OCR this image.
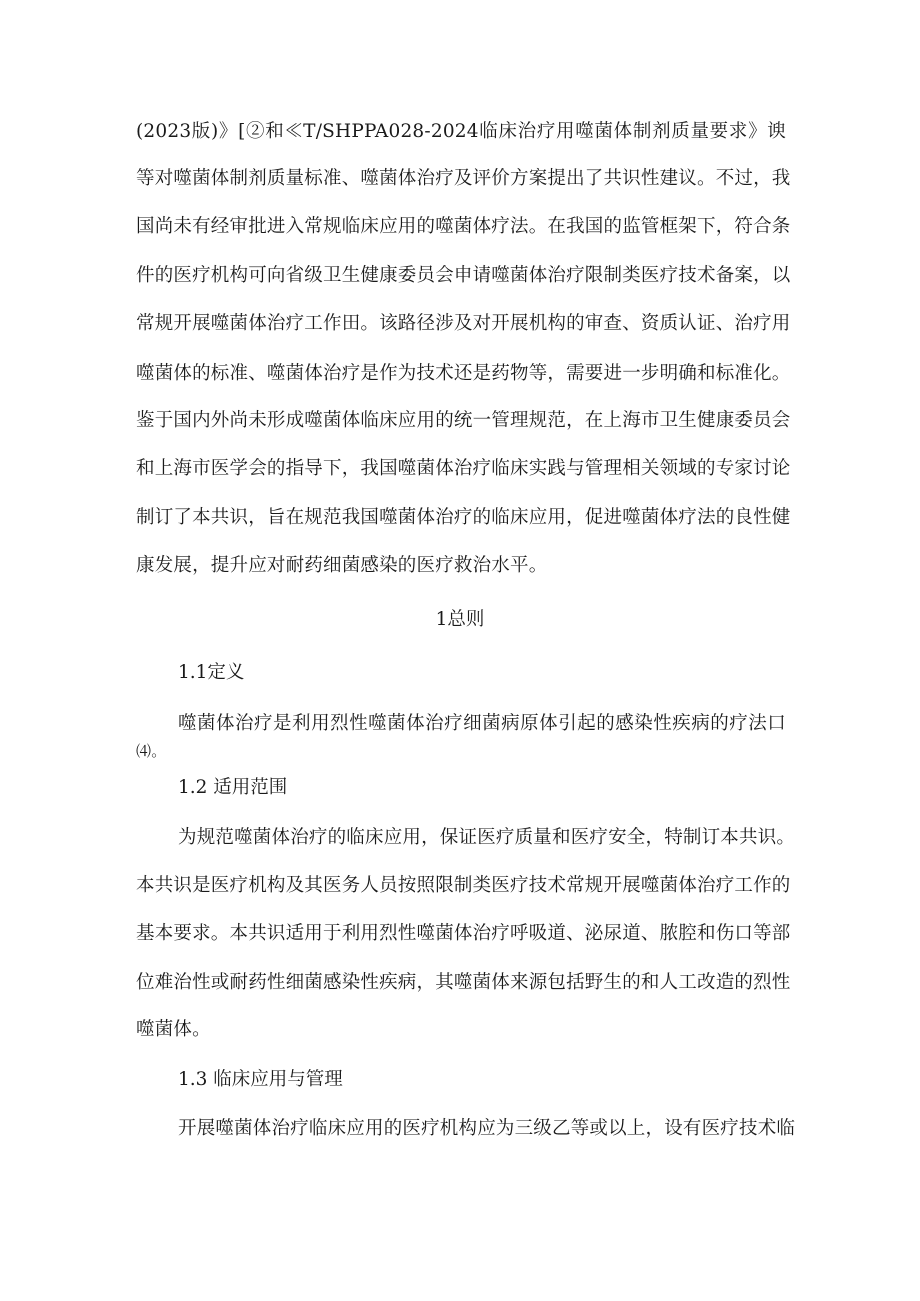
(2023版)》[②和≪T/SHPPA028-2024临床治疗用噬菌体制剂质量要求》谀
等对噬菌体制剂质量标准、噬菌体治疗及评价方案提出了共识性建议。不过，我
国尚未有经审批进入常规临床应用的噬菌体疗法。在我国的监管框架下，符合条
件的医疗机构可向省级卫生健康委员会申请噬菌体治疗限制类医疗技术备案，以
常规开展噬菌体治疗工作田。该路径涉及对开展机构的审查、资质认证、治疗用
噬菌体的标准、噬菌体治疗是作为技术还是药物等，需要进一步明确和标准化。
鉴于国内外尚未形成噬菌体临床应用的统一管理规范，在上海市卫生健康委员会
和上海市医学会的指导下，我国噬菌体治疗临床实践与管理相关领域的专家讨论
制订了本共识，旨在规范我国噬菌体治疗的临床应用，促进噬菌体疗法的良性健
康发展，提升应对耐药细菌感染的医疗救治水平。
1总则
1.1定义
噬菌体治疗是利用烈性噬菌体治疗细菌病原体引起的感染性疾病的疗法口
⑷。
1.2 适用范围
为规范噬菌体治疗的临床应用，保证医疗质量和医疗安全，特制订本共识。
本共识是医疗机构及其医务人员按照限制类医疗技术常规开展噬菌体治疗工作的
基本要求。本共识适用于利用烈性噬菌体治疗呼吸道、泌尿道、脓腔和伤口等部
位难治性或耐药性细菌感染性疾病，其噬菌体来源包括野生的和人工改造的烈性
噬菌体。
1.3 临床应用与管理
开展噬菌体治疗临床应用的医疗机构应为三级乙等或以上，设有医疗技术临
